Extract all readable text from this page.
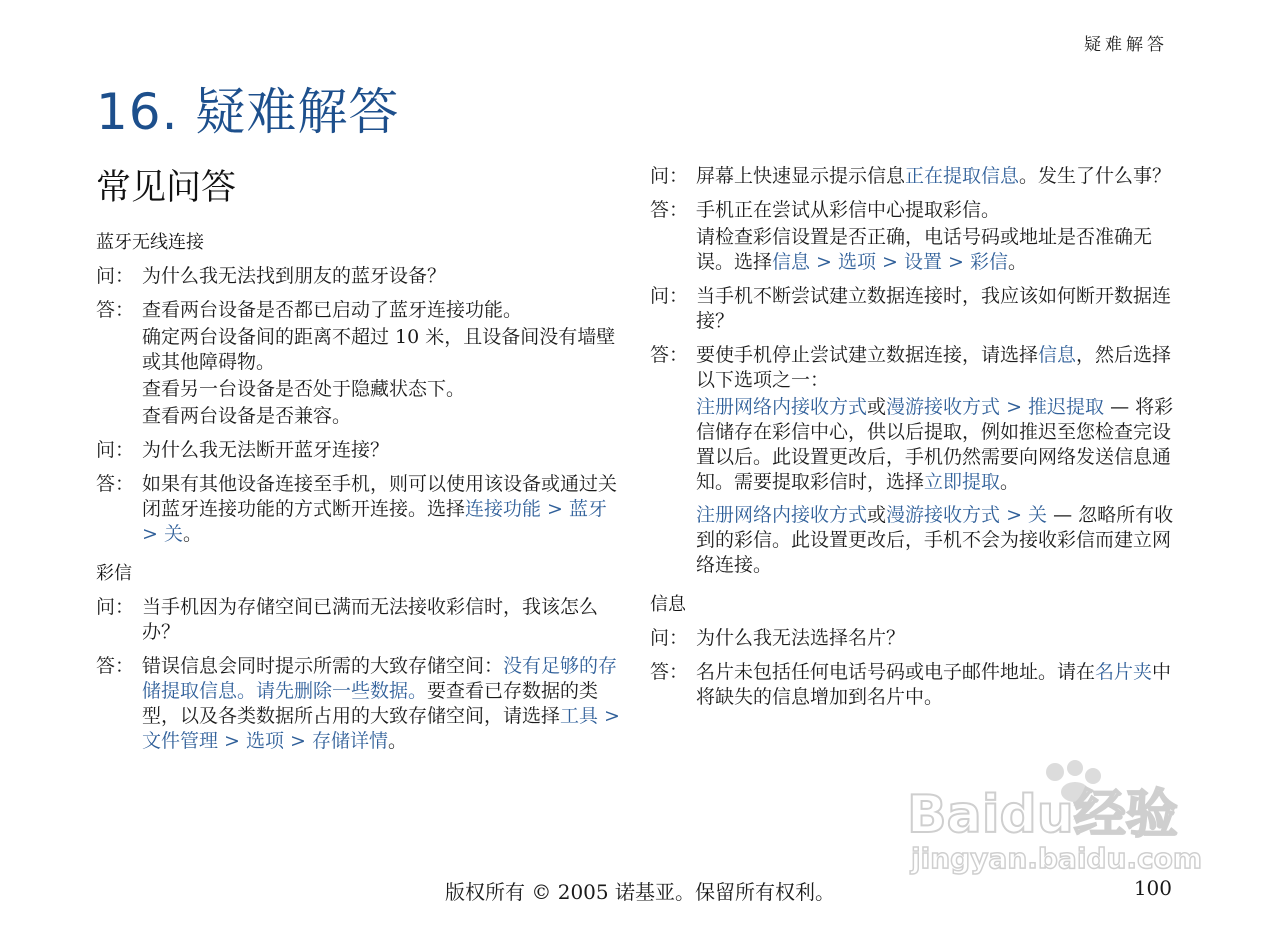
疑难解答
16. 疑难解答
常见问答
蓝牙无线连接
问： 为什么我无法找到朋友的蓝牙设备？

答： 查看两台设备是否都已启动了蓝牙连接功能。

确定两台设备间的距离不超过 10 米，且设备间没有墙壁或其他障碍物。

查看另一台设备是否处于隐藏状态下。

查看两台设备是否兼容。

问： 为什么我无法断开蓝牙连接？

答： 如果有其他设备连接至手机，则可以使用该设备或通过关闭蓝牙连接功能的方式断开连接。选择连接功能 > 蓝牙 > 关。

彩信
问： 当手机因为存储空间已满而无法接收彩信时，我该怎么办？

答： 错误信息会同时提示所需的大致存储空间：没有足够的存储提取信息。请先删除一些数据。要查看已存数据的类型，以及各类数据所占用的大致存储空间，请选择工具 > 文件管理 > 选项 > 存储详情。

问： 屏幕上快速显示提示信息正在提取信息。发生了什么事？

答： 手机正在尝试从彩信中心提取彩信。

请检查彩信设置是否正确，电话号码或地址是否准确无误。选择信息 > 选项 > 设置 > 彩信。

问： 当手机不断尝试建立数据连接时，我应该如何断开数据连接？

答： 要使手机停止尝试建立数据连接，请选择信息，然后选择以下选项之一：

注册网络内接收方式或漫游接收方式 > 推迟提取 — 将彩信储存在彩信中心，供以后提取，例如推迟至您检查完设置以后。此设置更改后，手机仍然需要向网络发送信息通知。需要提取彩信时，选择立即提取。

注册网络内接收方式或漫游接收方式 > 关 — 忽略所有收到的彩信。此设置更改后，手机不会为接收彩信而建立网络连接。

信息
问： 为什么我无法选择名片？

答： 名片未包括任何电话号码或电子邮件地址。请在名片夹中将缺失的信息增加到名片中。

Baidu经验
jingyan.baidu.com
版权所有 © 2005 诺基亚。保留所有权利。	100
